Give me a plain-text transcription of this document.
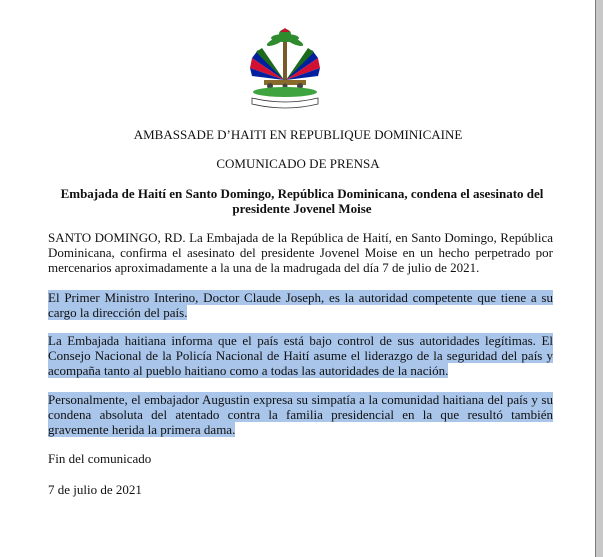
AMBASSADE D’HAITI EN REPUBLIQUE DOMINICAINE

COMUNICADO DE PRENSA

Embajada de Haití en Santo Domingo, República Dominicana, condena el asesinato del presidente Jovenel Moise

SANTO DOMINGO, RD. La Embajada de la República de Haití, en Santo Domingo, República Dominicana, confirma el asesinato del presidente Jovenel Moise en un hecho perpetrado por mercenarios aproximadamente a la una de la madrugada del día 7 de julio de 2021.

El Primer Ministro Interino, Doctor Claude Joseph, es la autoridad competente que tiene a su cargo la dirección del país.

La Embajada haitiana informa que el país está bajo control de sus autoridades legítimas. El Consejo Nacional de la Policía Nacional de Haití asume el liderazgo de la seguridad del país y acompaña tanto al pueblo haitiano como a todas las autoridades de la nación.

Personalmente, el embajador Augustin expresa su simpatía a la comunidad haitiana del país y su condena absoluta del atentado contra la familia presidencial en la que resultó también gravemente herida la primera dama.

Fin del comunicado

7 de julio de 2021
